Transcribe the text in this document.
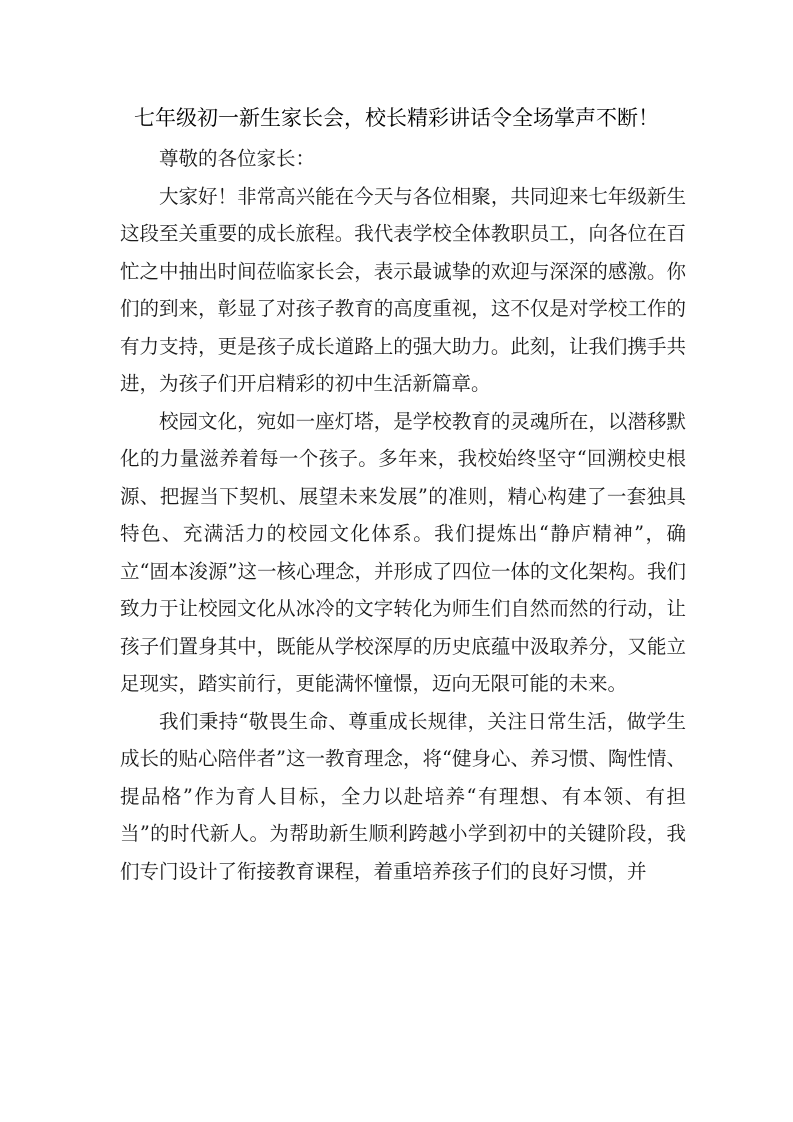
七年级初一新生家长会，校长精彩讲话令全场掌声不断！

尊敬的各位家长：

大家好！非常高兴能在今天与各位相聚，共同迎来七年级新生这段至关重要的成长旅程。我代表学校全体教职员工，向各位在百忙之中抽出时间莅临家长会，表示最诚挚的欢迎与深深的感激。你们的到来，彰显了对孩子教育的高度重视，这不仅是对学校工作的有力支持，更是孩子成长道路上的强大助力。此刻，让我们携手共进，为孩子们开启精彩的初中生活新篇章。

校园文化，宛如一座灯塔，是学校教育的灵魂所在，以潜移默化的力量滋养着每一个孩子。多年来，我校始终坚守“回溯校史根源、把握当下契机、展望未来发展”的准则，精心构建了一套独具特色、充满活力的校园文化体系。我们提炼出“静庐精神”，确立“固本浚源”这一核心理念，并形成了四位一体的文化架构。我们致力于让校园文化从冰冷的文字转化为师生们自然而然的行动，让孩子们置身其中，既能从学校深厚的历史底蕴中汲取养分，又能立足现实，踏实前行，更能满怀憧憬，迈向无限可能的未来。

我们秉持“敬畏生命、尊重成长规律，关注日常生活，做学生成长的贴心陪伴者”这一教育理念，将“健身心、养习惯、陶性情、提品格”作为育人目标，全力以赴培养“有理想、有本领、有担当”的时代新人。为帮助新生顺利跨越小学到初中的关键阶段，我们专门设计了衔接教育课程，着重培养孩子们的良好习惯，并
